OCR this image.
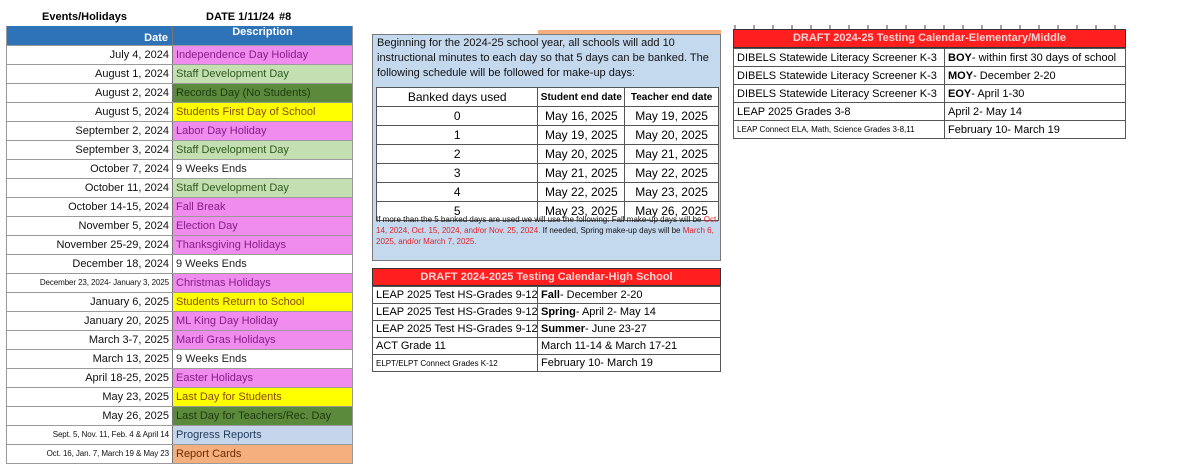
Events/Holidays	DATE 1/11/24 #8
Date	Description
July 4, 2024	Independence Day Holiday
August 1, 2024	Staff Development Day
August 2, 2024	Records Day (No Students)
August 5, 2024	Students First Day of School
September 2, 2024	Labor Day Holiday
September 3, 2024	Staff Development Day
October 7, 2024	9 Weeks Ends
October 11, 2024	Staff Development Day
October 14-15, 2024	Fall Break
November 5, 2024	Election Day
November 25-29, 2024	Thanksgiving Holidays
December 18, 2024	9 Weeks Ends
December 23, 2024- January 3, 2025	Christmas Holidays
January 6, 2025	Students Return to School
January 20, 2025	ML King Day Holiday
March 3-7, 2025	Mardi Gras Holidays
March 13, 2025	9 Weeks Ends
April 18-25, 2025	Easter Holidays
May 23, 2025	Last Day for Students
May 26, 2025	Last Day for Teachers/Rec. Day
Sept. 5, Nov. 11, Feb. 4 & April 14	Progress Reports
Oct. 16, Jan. 7, March 19 & May 23	Report Cards
Beginning for the 2024-25 school year, all schools will add 10 instructional minutes to each day so that 5 days can be banked. The following schedule will be followed for make-up days:
Banked days used	Student end date	Teacher end date
0	May 16, 2025	May 19, 2025
1	May 19, 2025	May 20, 2025
2	May 20, 2025	May 21, 2025
3	May 21, 2025	May 22, 2025
4	May 22, 2025	May 23, 2025
5	May 23, 2025	May 26, 2025
If more than the 5 banked days are used we will use the following: Fall make-up days will be Oct. 14, 2024, Oct. 15, 2024, and/or Nov. 25, 2024. If needed, Spring make-up days will be March 6, 2025, and/or March 7, 2025.
DRAFT 2024-2025 Testing Calendar-High School
LEAP 2025 Test HS-Grades 9-12	Fall- December 2-20
LEAP 2025 Test HS-Grades 9-12	Spring- April 2- May 14
LEAP 2025 Test HS-Grades 9-12	Summer- June 23-27
ACT Grade 11	March 11-14 & March 17-21
ELPT/ELPT Connect Grades K-12	February 10- March 19
DRAFT 2024-25 Testing Calendar-Elementary/Middle
DIBELS Statewide Literacy Screener K-3	BOY- within first 30 days of school
DIBELS Statewide Literacy Screener K-3	MOY- December 2-20
DIBELS Statewide Literacy Screener K-3	EOY- April 1-30
LEAP 2025 Grades 3-8	April 2- May 14
LEAP Connect ELA, Math, Science Grades 3-8,11	February 10- March 19
